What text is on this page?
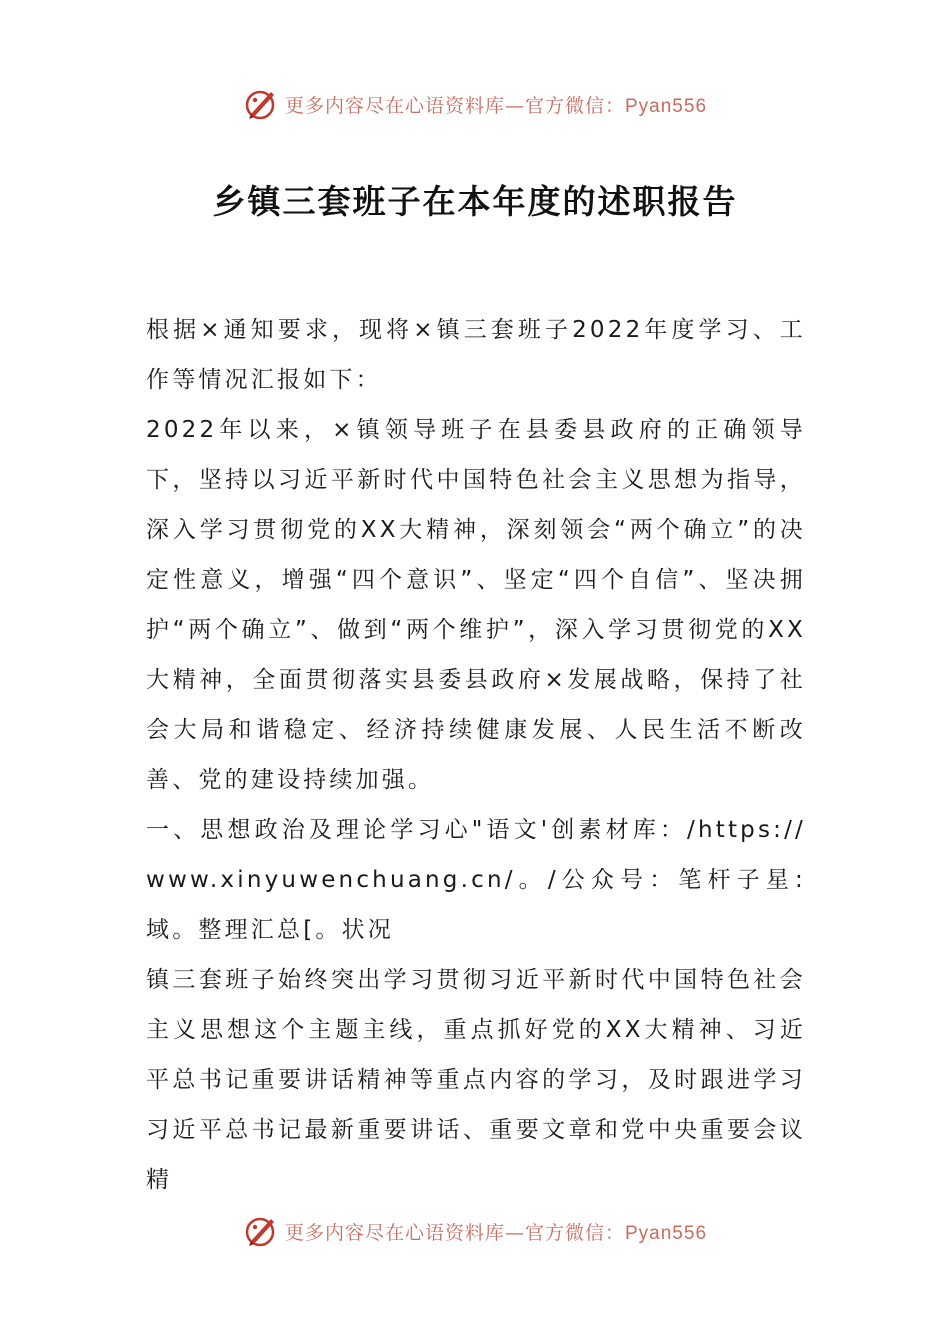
更多内容尽在心语资料库—官方微信：Pyan556
乡镇三套班子在本年度的述职报告

根据×通知要求，现将×镇三套班子2022年度学习、工作等情况汇报如下：

2022年以来，×镇领导班子在县委县政府的正确领导下，坚持以习近平新时代中国特色社会主义思想为指导，深入学习贯彻党的XX大精神，深刻领会“两个确立”的决定性意义，增强“四个意识”、坚定“四个自信”、坚决拥护“两个确立”、做到“两个维护”，深入学习贯彻党的XX大精神，全面贯彻落实县委县政府×发展战略，保持了社会大局和谐稳定、经济持续健康发展、人民生活不断改善、党的建设持续加强。

一、思想政治及理论学习心"语文'创素材库：/https://www.xinyuwenchuang.cn/。/公众号：笔杆子星:域。整理汇总[。状况

镇三套班子始终突出学习贯彻习近平新时代中国特色社会主义思想这个主题主线，重点抓好党的XX大精神、习近平总书记重要讲话精神等重点内容的学习，及时跟进学习习近平总书记最新重要讲话、重要文章和党中央重要会议精

更多内容尽在心语资料库—官方微信：Pyan556
